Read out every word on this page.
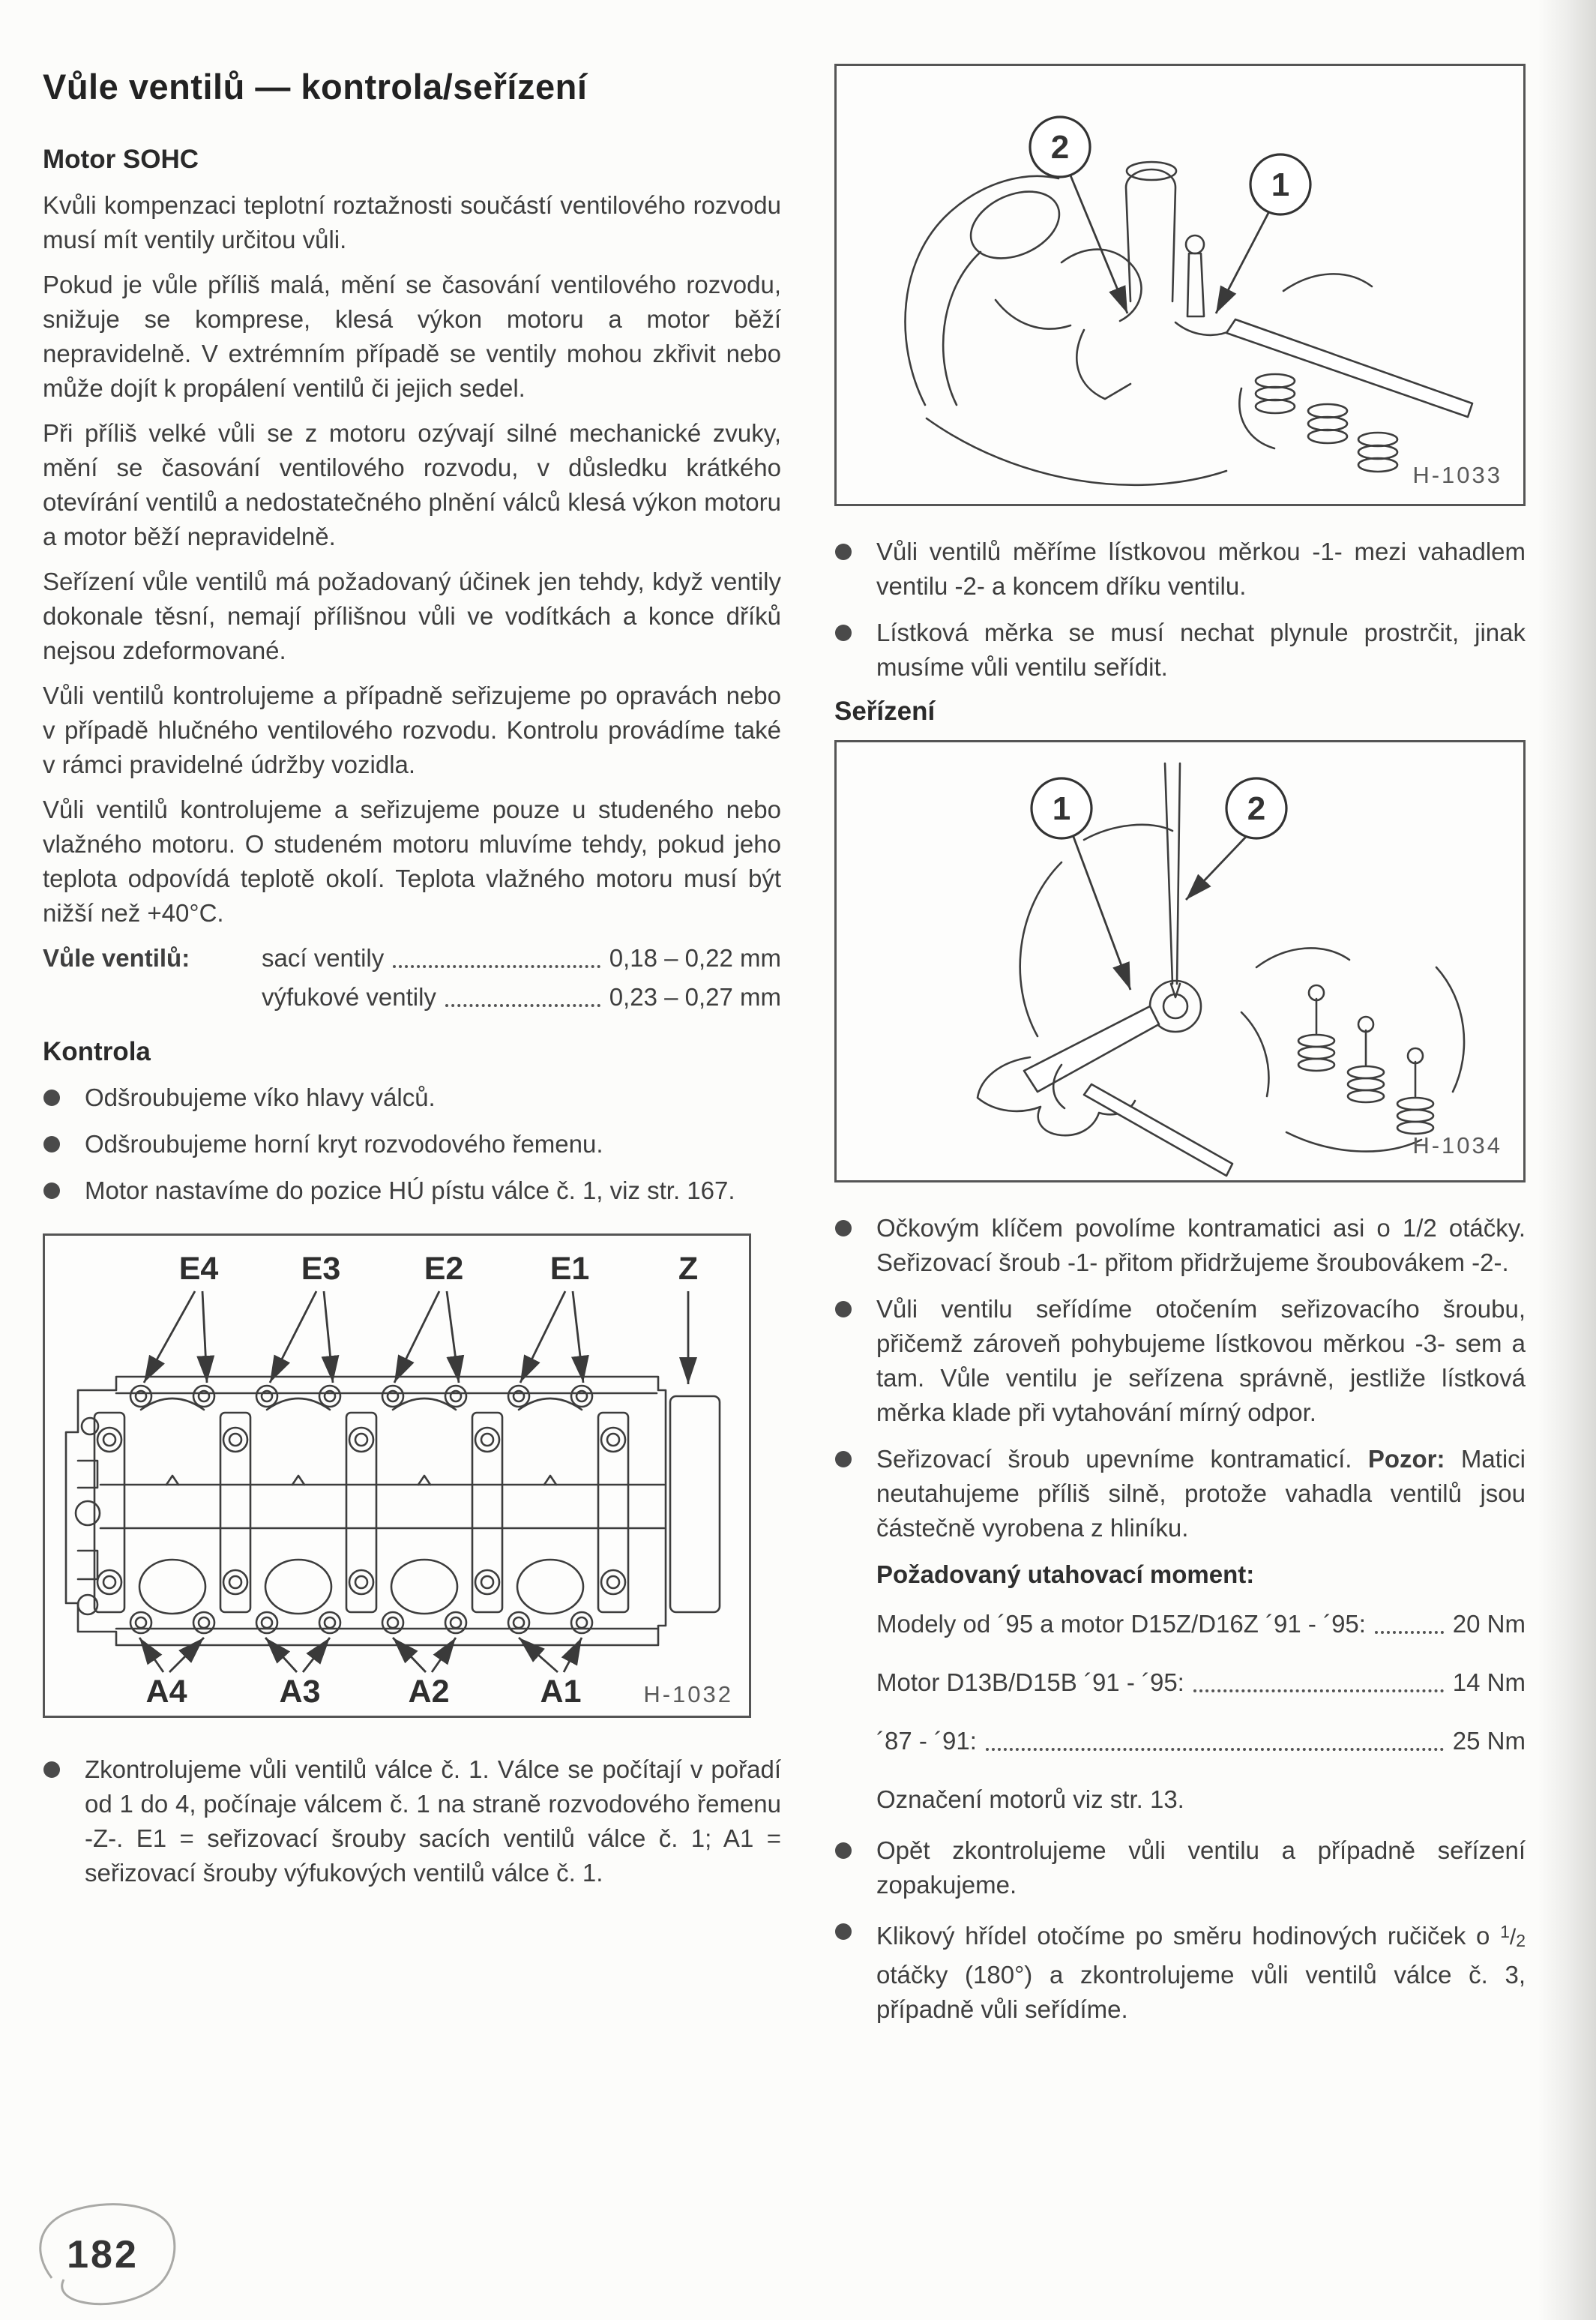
Vůle ventilů — kontrola/seřízení
Motor SOHC

Kvůli kompenzaci teplotní roztažnosti součástí ventilového rozvodu musí mít ventily určitou vůli.

Pokud je vůle příliš malá, mění se časování ventilového rozvodu, snižuje se komprese, klesá výkon motoru a motor běží nepravidelně. V extrémním případě se ventily mohou zkřivit nebo může dojít k propálení ventilů či jejich sedel.

Při příliš velké vůli se z motoru ozývají silné mechanické zvuky, mění se časování ventilového rozvodu, v důsledku krátkého otevírání ventilů a nedostatečného plnění válců klesá výkon motoru a motor běží nepravidelně.

Seřízení vůle ventilů má požadovaný účinek jen tehdy, když ventily dokonale těsní, nemají přílišnou vůli ve vodítkách a konce dříků nejsou zdeformované.

Vůli ventilů kontrolujeme a případně seřizujeme po opravách nebo v případě hlučného ventilového rozvodu. Kontrolu provádíme také v rámci pravidelné údržby vozidla.

Vůli ventilů kontrolujeme a seřizujeme pouze u studeného nebo vlažného motoru. O studeném motoru mluvíme tehdy, pokud jeho teplota odpovídá teplotě okolí. Teplota vlažného motoru musí být nižší než +40°C.

Vůle ventilů:	sací ventily	0,18 – 0,22 mm
výfukové ventily	0,23 – 0,27 mm
Kontrola
Odšroubujeme víko hlavy válců.
Odšroubujeme horní kryt rozvodového řemenu.
Motor nastavíme do pozice HÚ pístu válce č. 1, viz str. 167.
E4	E3	E2	E1	Z
A4	A3	A2	A1	H-1032
Zkontrolujeme vůli ventilů válce č. 1. Válce se počítají v pořadí od 1 do 4, počínaje válcem č. 1 na straně rozvodového řemenu -Z-. E1 = seřizovací šrouby sacích ventilů válce č. 1; A1 = seřizovací šrouby výfukových ventilů válce č. 1.
2
1
H-1033
Vůli ventilů měříme lístkovou měrkou -1- mezi vahadlem ventilu -2- a koncem dříku ventilu.
Lístková měrka se musí nechat plynule prostrčit, jinak musíme vůli ventilu seřídit.
Seřízení
1	2
H-1034
Očkovým klíčem povolíme kontramatici asi o 1/2 otáčky. Seřizovací šroub -1- přitom přidržujeme šroubovákem -2-.
Vůli ventilu seřídíme otočením seřizovacího šroubu, přičemž zároveň pohybujeme lístkovou měrkou -3- sem a tam. Vůle ventilu je seřízena správně, jestliže lístková měrka klade při vytahování mírný odpor.
Seřizovací šroub upevníme kontramaticí. Pozor: Matici neutahujeme příliš silně, protože vahadla ventilů jsou částečně vyrobena z hliníku.
Požadovaný utahovací moment:
Modely od ´95 a motor D15Z/D16Z ´91 - ´95:	20 Nm
Motor D13B/D15B ´91 - ´95:	14 Nm
´87 - ´91:	25 Nm
Označení motorů viz str. 13.
Opět zkontrolujeme vůli ventilu a případně seřízení zopakujeme.
Klikový hřídel otočíme po směru hodinových ručiček o $^1$/2 otáčky (180°) a zkontrolujeme vůli ventilů válce č. 3, případně vůli seřídíme.
182
